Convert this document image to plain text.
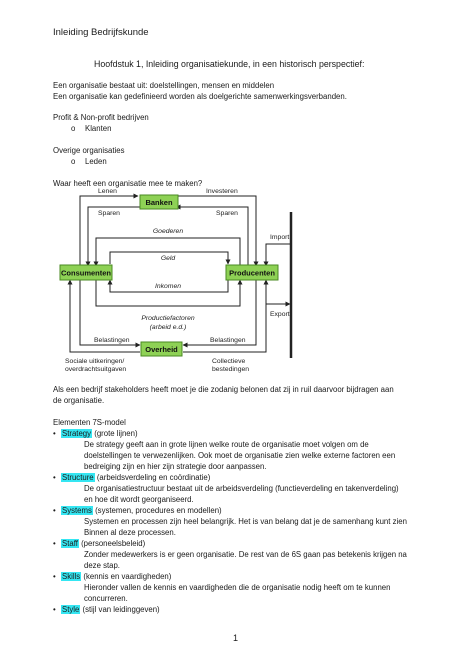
Inleiding Bedrijfskunde
Hoofdstuk 1, Inleiding organisatiekunde, in een historisch perspectief:
Een organisatie bestaat uit: doelstellingen, mensen en middelen
Een organisatie kan gedefinieerd worden als doelgerichte samenwerkingsverbanden.
Profit & Non-profit bedrijven
o Klanten
Overige organisaties
o Leden
Waar heeft een organisatie mee te maken?
Banken
Consumenten	Producenten
Overheid
Lenen	Investeren
Sparen	Sparen
Goederen
Geld
Inkomen
Productiefactoren
(arbeid e.d.)
Belastingen	Belastingen
Sociale uitkeringen/
overdrachtsuitgaven
Collectieve
bestedingen
Import
Export
Als een bedrijf stakeholders heeft moet je die zodanig belonen dat zij in ruil daarvoor bijdragen aan
de organisatie.
Elementen 7S-model
• Strategy (grote lijnen)
De strategy geeft aan in grote lijnen welke route de organisatie moet volgen om de
doelstellingen te verwezenlijken. Ook moet de organisatie zien welke externe factoren een
bedreiging zijn en hier zijn strategie door aanpassen.
• Structure (arbeidsverdeling en coördinatie)
De organisatiestructuur bestaat uit de arbeidsverdeling (functieverdeling en takenverdeling)
en hoe dit wordt georganiseerd.
• Systems (systemen, procedures en modellen)
Systemen en processen zijn heel belangrijk. Het is van belang dat je de samenhang kunt zien
Binnen al deze processen.
• Staff (personeelsbeleid)
Zonder medewerkers is er geen organisatie. De rest van de 6S gaan pas betekenis krijgen na
deze stap.
• Skills (kennis en vaardigheden)
Hieronder vallen de kennis en vaardigheden die de organisatie nodig heeft om te kunnen
concurreren.
• Style (stijl van leidinggeven)
1
